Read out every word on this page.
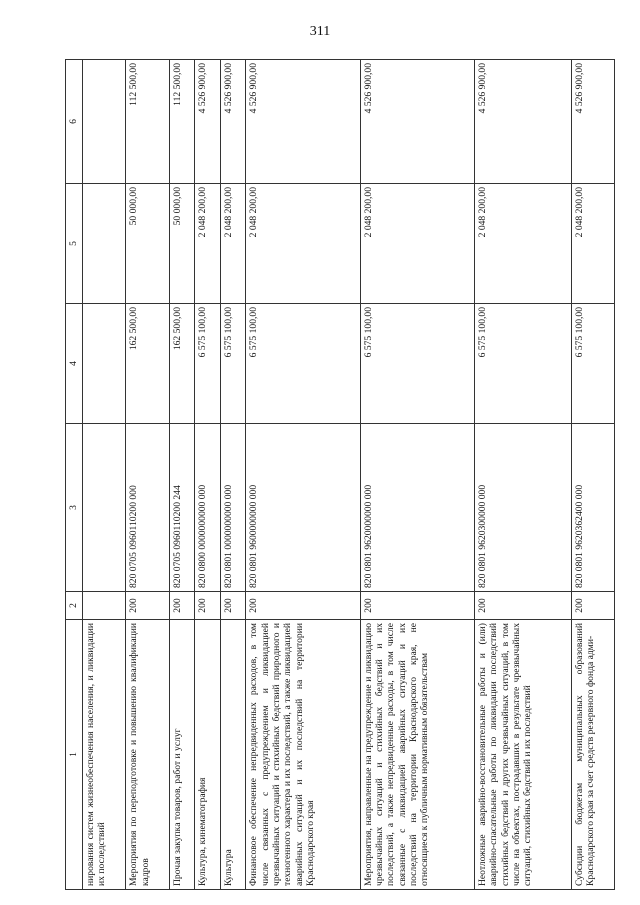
311
1	2	3	4	5	6
нирования систем жизнеобеспечения населения, и ликвидации их последствий					
Мероприятия по переподготовке и повышению квалификации кадров	200	820 0705 0960110200 000	162 500,00	50 000,00	112 500,00
Прочая закупка товаров, работ и услуг	200	820 0705 0960110200 244	162 500,00	50 000,00	112 500,00
Культура, кинематография	200	820 0800 0000000000 000	6 575 100,00	2 048 200,00	4 526 900,00
Культура	200	820 0801 0000000000 000	6 575 100,00	2 048 200,00	4 526 900,00
Финансовое обеспечение непредвиденных расходов, в том числе связанных с предупреждением и ликвидацией чрезвычайных ситуаций и стихийных бедствий природного и техногенного характера и их последствий, а также ликвидацией аварийных ситуаций и их последствий на территории Краснодарского края	200	820 0801 9600000000 000	6 575 100,00	2 048 200,00	4 526 900,00
Мероприятия, направленные на предупреждение и ликвидацию чрезвычайных ситуаций и стихийных бедствий и их последствий, а также непредвиденные расходы, в том числе связанные с ликвидацией аварийных ситуаций и их последствий на территории Краснодарского края, не относящиеся к публичным нормативным обязательствам	200	820 0801 9620000000 000	6 575 100,00	2 048 200,00	4 526 900,00
Неотложные аварийно-восстановительные работы и (или) аварийно-спасательные работы по ликвидации последствий стихийных бедствий и других чрезвычайных ситуаций, в том числе на объектах, пострадавших в результате чрезвычайных ситуаций, стихийных бедствий и их последствий	200	820 0801 9620300000 000	6 575 100,00	2 048 200,00	4 526 900,00
Субсидии бюджетам муниципальных образований Краснодарского края за счет средств резервного фонда адми-	200	820 0801 9620362400 000	6 575 100,00	2 048 200,00	4 526 900,00
